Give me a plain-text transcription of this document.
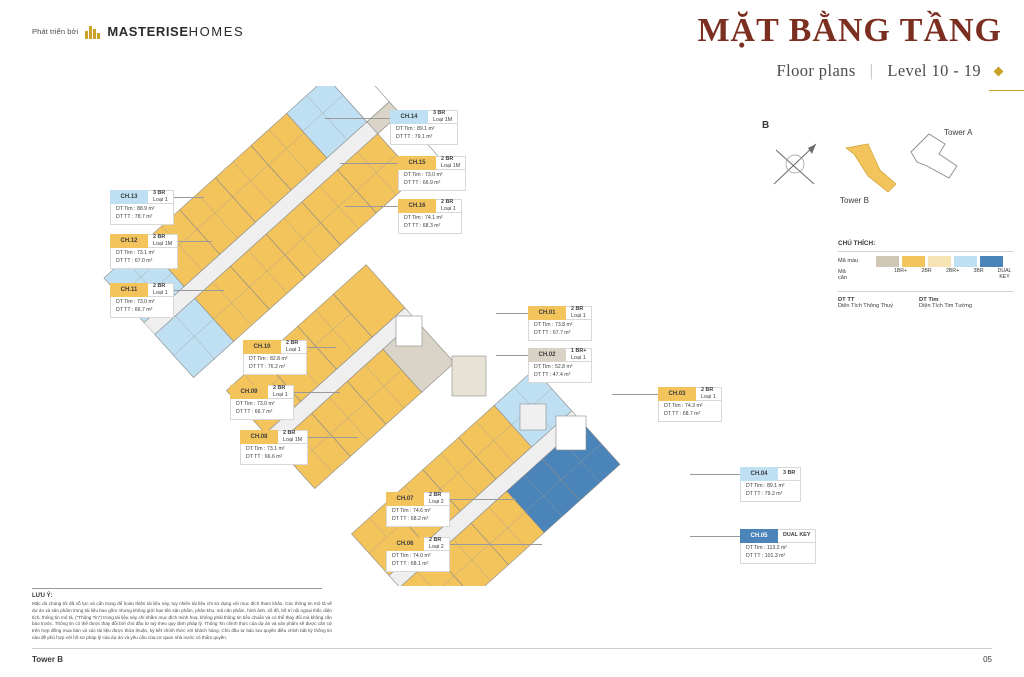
Phát triển bởi MASTERISEHOMES	MẶT BẰNG TẦNG
Floor plans | Level 10 - 19
CH.14
3 BR
Loại 1M
DT Tim : 89.1 m²
DT TT : 79.1 m²
CH.15
2 BR
Loại 1M
DT Tim : 73.0 m²
DT TT : 66.9 m²
CH.16
2 BR
Loại 1
DT Tim : 74.1 m²
DT TT : 68.3 m²
CH.13
3 BR
Loại 1
DT Tim : 88.9 m²
DT TT : 78.7 m²
CH.12
2 BR
Loại 1M
DT Tim : 73.1 m²
DT TT : 67.0 m²
CH.11
2 BR
Loại 1
DT Tim : 73.0 m²
DT TT : 66.7 m²
CH.10
2 BR
Loại 1
DT Tim : 82.8 m²
DT TT : 76.2 m²
CH.09
2 BR
Loại 1
DT Tim : 73.0 m²
DT TT : 66.7 m²
CH.08
2 BR
Loại 1M
DT Tim : 73.1 m²
DT TT : 66.6 m²
CH.07
2 BR
Loại 2
DT Tim : 74.6 m²
DT TT : 68.2 m²
CH.06
2 BR
Loại 2
DT Tim : 74.0 m²
DT TT : 68.1 m²
CH.01
2 BR
Loại 1
DT Tim : 73.8 m²
DT TT : 67.7 m²
CH.02
1 BR+
Loại 1
DT Tim : 52.8 m²
DT TT : 47.4 m²
CH.03
2 BR
Loại 1
DT Tim : 74.3 m²
DT TT : 68.7 m²
CH.04	3 BR
DT Tim : 89.1 m²
DT TT : 79.2 m²
CH.05	DUAL KEY
DT Tim : 113.2 m²
DT TT : 101.3 m²
B
Tower B
Tower A
CHÚ THÍCH:
Mã màu
Mã căn
1BR+	2BR	2BR+	3BR	DUAL KEY
DT TT
Diện Tích Thông Thuỷ
DT Tim
Diện Tích Tim Tường
LƯU Ý:
Mặc dù chúng tôi đã nỗ lực và cẩn trọng để hoàn thiện tài liệu này, tuy nhiên tài liệu chỉ sử dụng với mục đích tham khảo. Các thông tin mô tả về dự án và sản phẩm trong tài liệu bao gồm nhưng không giới hạn tên sản phẩm, phân khu, mã căn phẩm, hình ảnh, số đồ, bố trí nội ngoại thất, diện tích, thông tin mô tả, ("Thông Tin") trong tài liệu này chỉ nhằm mục đích minh hoạ, không phải thông tin tiêu chuẩn và có thể thay đổi mà không cần báo trước. Thông tin có thể được thay đổi bởi chủ đầu tư tuỳ theo quy định pháp lý. Thông Tin chính thức của dự án và sản phẩm sẽ được căn cứ trên hợp đồng mua bán và các tài liệu được thừa thuận, ký kết chính thức với khách hàng. Chủ đầu tư bảo lưu quyền điều chỉnh bất kỳ thông tin nào đề phù hợp với hồ sơ pháp lý của dự án và yêu cầu của cơ quan nhà nước có thẩm quyền.
Tower B	05
